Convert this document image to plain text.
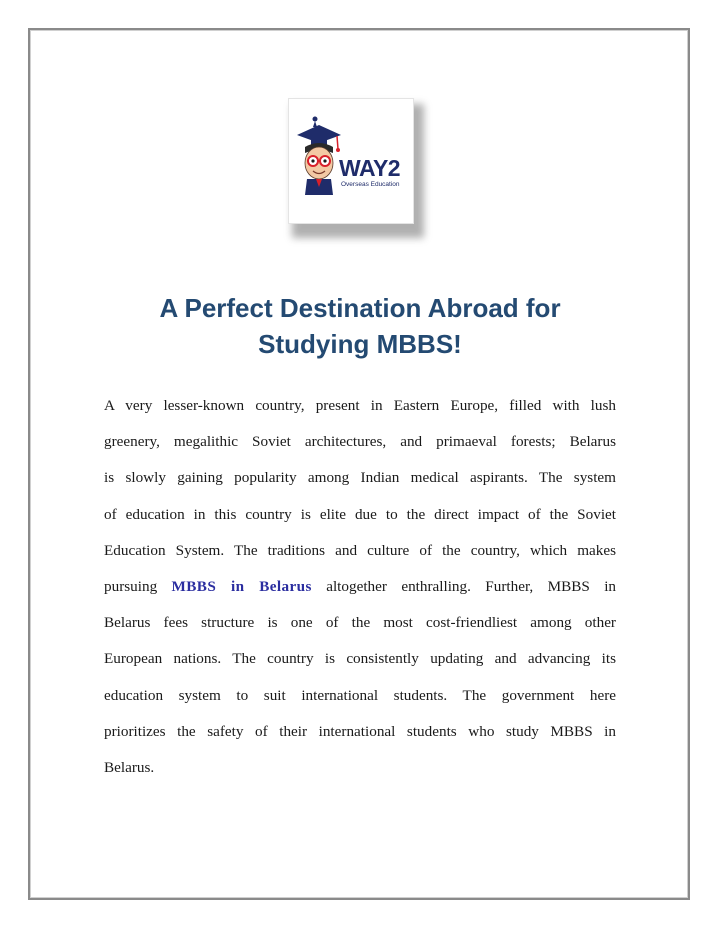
WAY2
Overseas Education
A Perfect Destination Abroad for
Studying MBBS!
A very lesser-known country, present in Eastern Europe, filled with lush
greenery, megalithic Soviet architectures, and primaeval forests; Belarus
is slowly gaining popularity among Indian medical aspirants. The system
of education in this country is elite due to the direct impact of the Soviet
Education System. The traditions and culture of the country, which makes
pursuing MBBS in Belarus altogether enthralling. Further, MBBS in
Belarus fees structure is one of the most cost-friendliest among other
European nations. The country is consistently updating and advancing its
education system to suit international students. The government here
prioritizes the safety of their international students who study MBBS in
Belarus.
